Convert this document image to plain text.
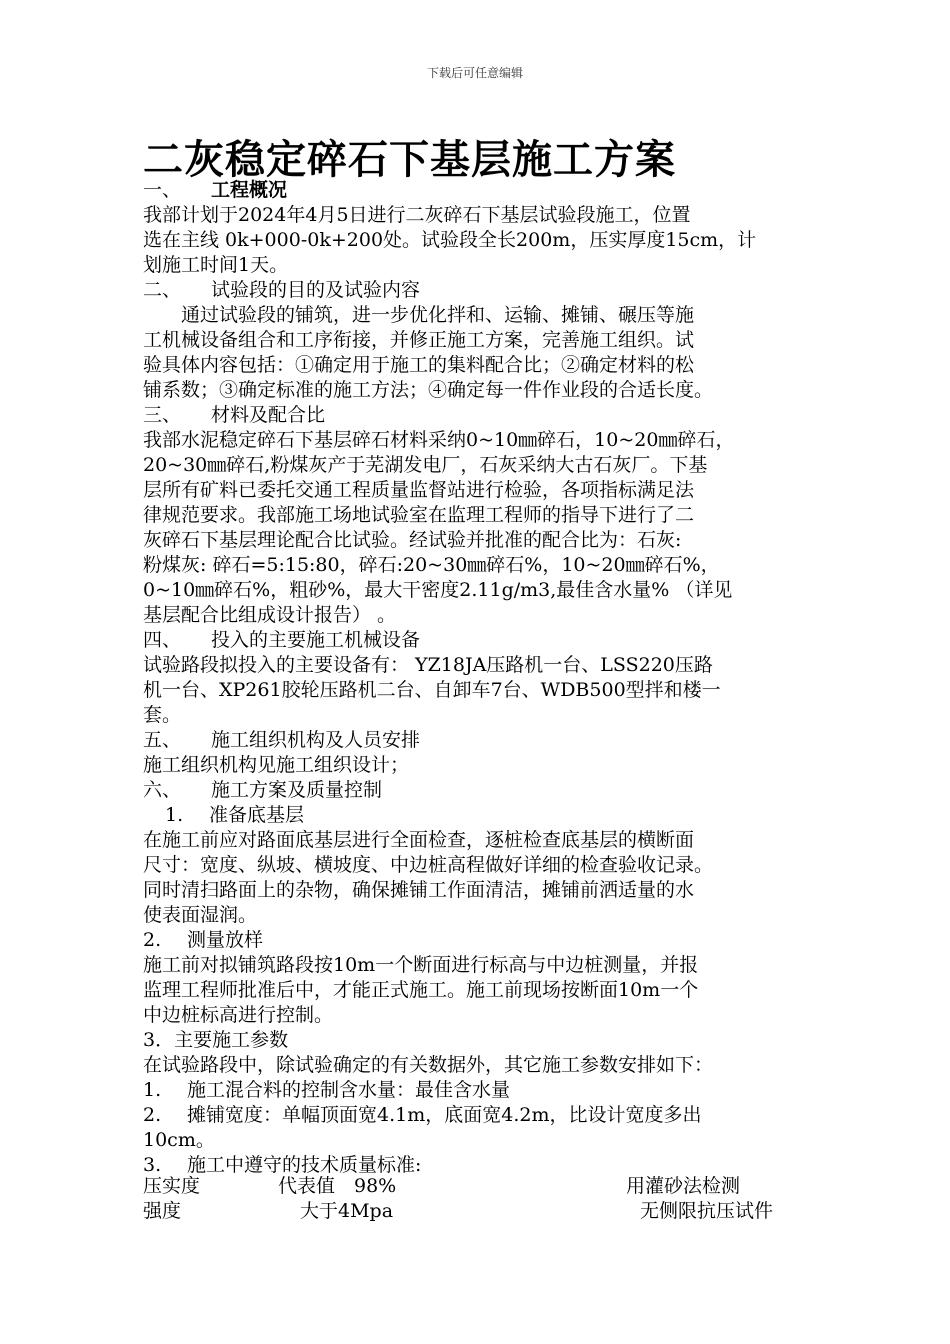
下载后可任意编辑
二灰稳定碎石下基层施工方案
一、 工程概况
我部计划于2024年4月5日进行二灰碎石下基层试验段施工，位置
选在主线 0k+000-0k+200处。试验段全长200m，压实厚度15cm，计
划施工时间1天。
二、 试验段的目的及试验内容
　　通过试验段的铺筑，进一步优化拌和、运输、摊铺、碾压等施
工机械设备组合和工序衔接，并修正施工方案，完善施工组织。试
验具体内容包括：①确定用于施工的集料配合比；②确定材料的松
铺系数；③确定标准的施工方法；④确定每一件作业段的合适长度。
三、 材料及配合比
我部水泥稳定碎石下基层碎石材料采纳0~10㎜碎石，10~20㎜碎石，
20~30㎜碎石,粉煤灰产于芜湖发电厂，石灰采纳大古石灰厂。下基
层所有矿料已委托交通工程质量监督站进行检验，各项指标满足法
律规范要求。我部施工场地试验室在监理工程师的指导下进行了二
灰碎石下基层理论配合比试验。经试验并批准的配合比为：石灰:
粉煤灰: 碎石=5:15:80，碎石:20~30㎜碎石%，10~20㎜碎石%，
0~10㎜碎石%，粗砂%，最大干密度2.11g/m3,最佳含水量% （详见
基层配合比组成设计报告） 。
四、 投入的主要施工机械设备
试验路段拟投入的主要设备有： YZ18JA压路机一台、LSS220压路
机一台、XP261胶轮压路机二台、自卸车7台、WDB500型拌和楼一
套。
五、 施工组织机构及人员安排
施工组织机构见施工组织设计；
六、 施工方案及质量控制
1. 准备底基层
在施工前应对路面底基层进行全面检查，逐桩检查底基层的横断面
尺寸：宽度、纵坡、横坡度、中边桩高程做好详细的检查验收记录。
同时清扫路面上的杂物，确保摊铺工作面清洁，摊铺前洒适量的水
使表面湿润。
2. 测量放样
施工前对拟铺筑路段按10m一个断面进行标高与中边桩测量，并报
监理工程师批准后中，才能正式施工。施工前现场按断面10m一个
中边桩标高进行控制。
3．主要施工参数
在试验路段中，除试验确定的有关数据外，其它施工参数安排如下：
1. 施工混合料的控制含水量：最佳含水量
2. 摊铺宽度：单幅顶面宽4.1m，底面宽4.2m，比设计宽度多出
10cm。
3. 施工中遵守的技术质量标准:
压实度	代表值　98%	用灌砂法检测
强度	大于4Mpa	无侧限抗压试件
